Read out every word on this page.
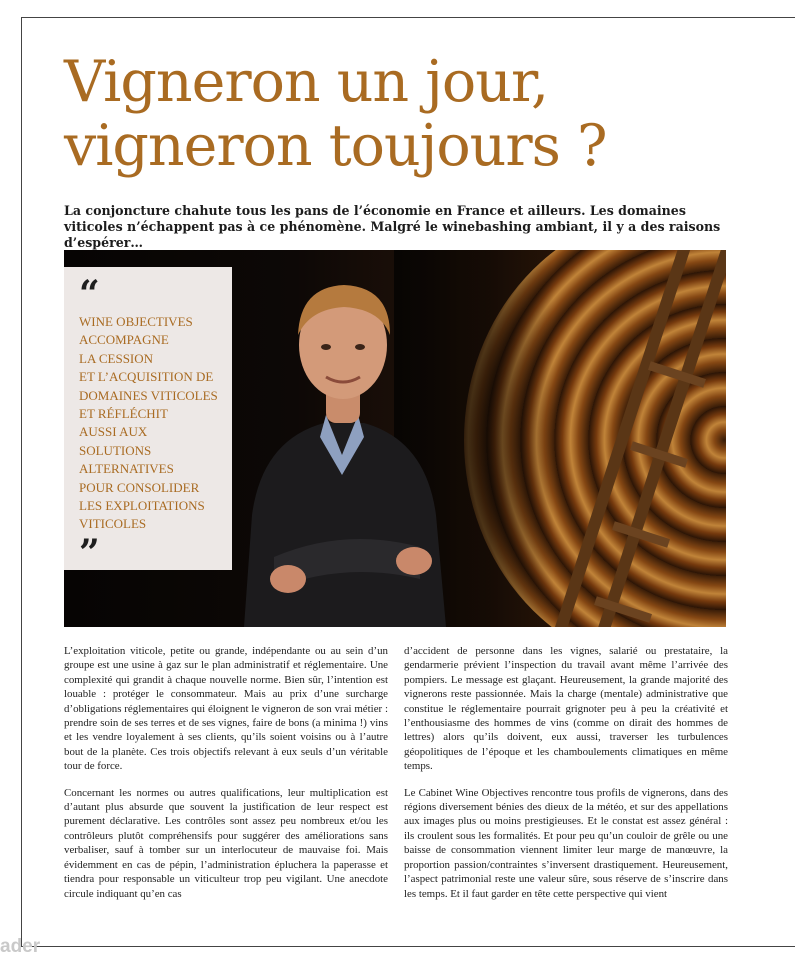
Vigneron un jour,
vigneron toujours ?

La conjoncture chahute tous les pans de l’économie en France et ailleurs. Les domaines viticoles n’échappent pas à ce phénomène. Malgré le winebashing ambiant, il y a des raisons d’espérer…

“
WINE OBJECTIVES
ACCOMPAGNE
LA CESSION
ET L’ACQUISITION DE
DOMAINES VITICOLES
ET RÉFLÉCHIT
AUSSI AUX
SOLUTIONS
ALTERNATIVES
POUR CONSOLIDER
LES EXPLOITATIONS
VITICOLES
”

L’exploitation viticole, petite ou grande, indépendante ou au sein d’un groupe est une usine à gaz sur le plan administratif et réglementaire. Une complexité qui grandit à chaque nouvelle norme. Bien sûr, l’intention est louable : protéger le consommateur. Mais au prix d’une surcharge d’obligations réglementaires qui éloignent le vigneron de son vrai métier : prendre soin de ses terres et de ses vignes, faire de bons (a minima !) vins et les vendre loyalement à ses clients, qu’ils soient voisins ou à l’autre bout de la planète. Ces trois objectifs relevant à eux seuls d’un véritable tour de force.

Concernant les normes ou autres qualifications, leur multiplication est d’autant plus absurde que souvent la justification de leur respect est purement déclarative. Les contrôles sont assez peu nombreux et/ou les contrôleurs plutôt compréhensifs pour suggérer des améliorations sans verbaliser, sauf à tomber sur un interlocuteur de mauvaise foi. Mais évidemment en cas de pépin, l’administration épluchera la paperasse et tiendra pour responsable un viticulteur trop peu vigilant. Une anecdote circule indiquant qu’en cas

d’accident de personne dans les vignes, salarié ou prestataire, la gendarmerie prévient l’inspection du travail avant même l’arrivée des pompiers. Le message est glaçant. Heureusement, la grande majorité des vignerons reste passionnée. Mais la charge (mentale) administrative que constitue le réglementaire pourrait grignoter peu à peu la créativité et l’enthousiasme des hommes de vins (comme on dirait des hommes de lettres) alors qu’ils doivent, eux aussi, traverser les turbulences géopolitiques de l’époque et les chamboulements climatiques en même temps.

Le Cabinet Wine Objectives rencontre tous profils de vignerons, dans des régions diversement bénies des dieux de la météo, et sur des appellations aux images plus ou moins prestigieuses. Et le constat est assez général : ils croulent sous les formalités. Et pour peu qu’un couloir de grêle ou une baisse de consommation viennent limiter leur marge de manœuvre, la proportion passion/contraintes s’inversent drastiquement. Heureusement, l’aspect patrimonial reste une valeur sûre, sous réserve de s’inscrire dans les temps. Et il faut garder en tête cette perspective qui vient

ader
